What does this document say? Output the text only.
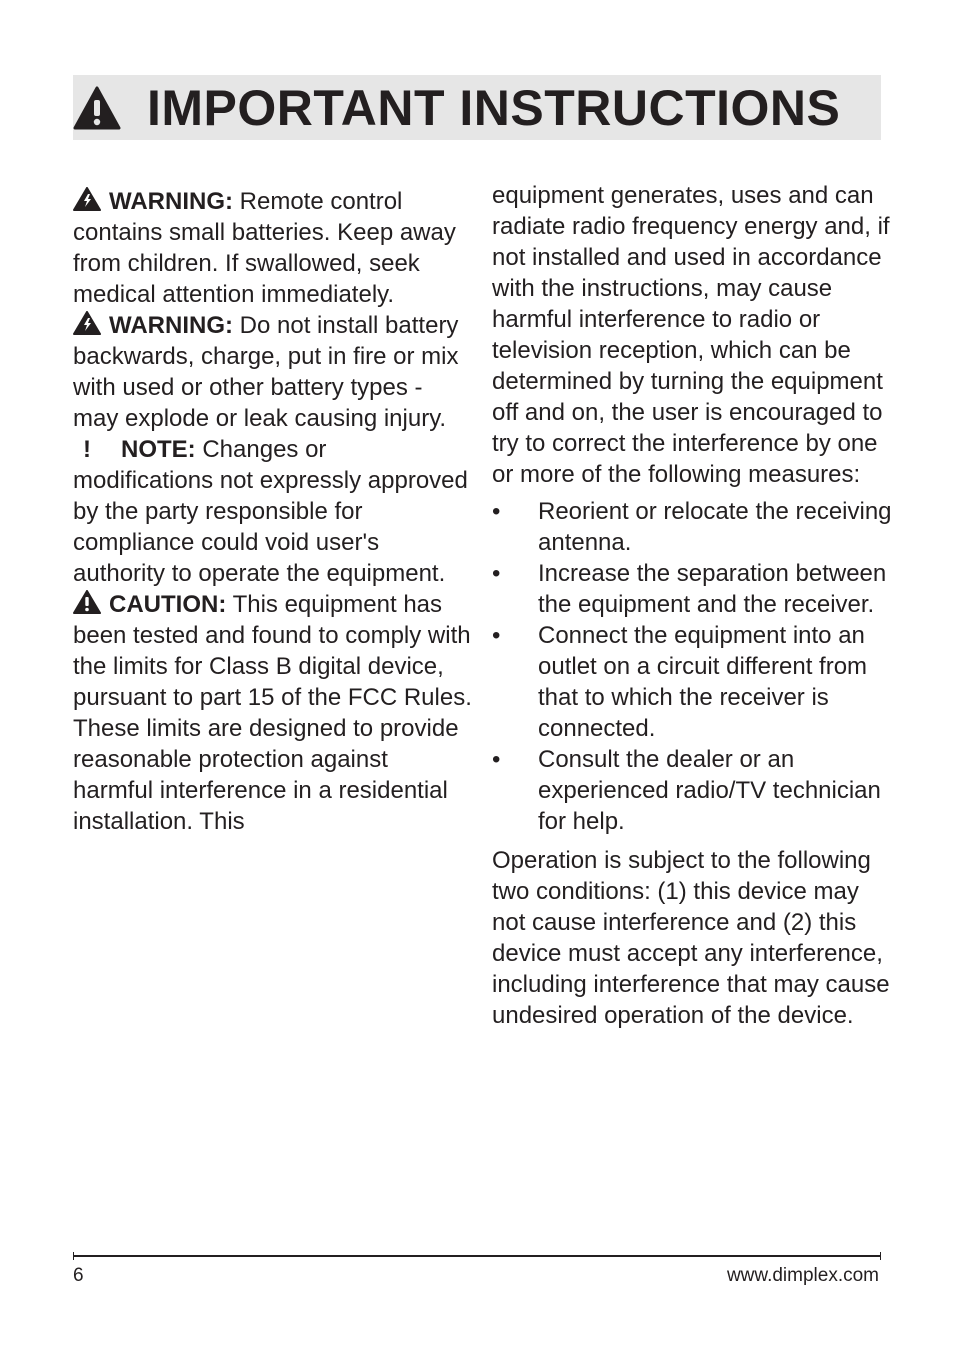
IMPORTANT INSTRUCTIONS

WARNING: Remote control contains small batteries. Keep away from children. If swallowed, seek medical attention immediately.

WARNING: Do not install battery backwards, charge, put in fire or mix with used or other battery types - may explode or leak causing injury.

! NOTE: Changes or modifications not expressly approved by the party responsible for compliance could void user's authority to operate the equipment.

CAUTION: This equipment has been tested and found to comply with the limits for Class B digital device, pursuant to part 15 of the FCC Rules. These limits are designed to provide reasonable protection against harmful interference in a residential installation. This

equipment generates, uses and can radiate radio frequency energy and, if not installed and used in accordance with the instructions, may cause harmful interference to radio or television reception, which can be determined by turning the equipment off and on, the user is encouraged to try to correct the interference by one or more of the following measures:

•	Reorient or relocate the receiving antenna.
•	Increase the separation between the equipment and the receiver.
•	Connect the equipment into an outlet on a circuit different from that to which the receiver is connected.
•	Consult the dealer or an experienced radio/TV technician for help.

Operation is subject to the following two conditions: (1) this device may not cause interference and (2) this device must accept any interference, including interference that may cause undesired operation of the device.

6	www.dimplex.com
